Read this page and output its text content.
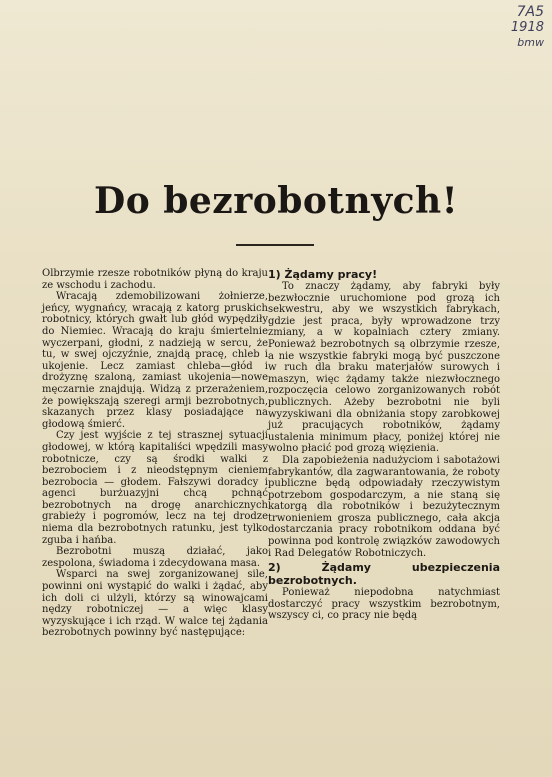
7A5
1918
bmw
Do bezrobotnych!

Olbrzymie rzesze robotników płyną do kraju ze wschodu i zachodu.

Wracają zdemobilizowani żołnierze, jeńcy, wygnańcy, wracają z katorg pruskich robotnicy, których gwałt lub głód wypędziły do Niemiec. Wracają do kraju śmiertelnie wyczerpani, głodni, z nadzieją w sercu, że tu, w swej ojczyźnie, znajdą pracę, chleb i ukojenie. Lecz zamiast chleba—głód i drożyznę szaloną, zamiast ukojenia—nowe męczarnie znajdują. Widzą z przerażeniem, że powiększają szeregi armji bezrobotnych, skazanych przez klasy posiadające na głodową śmierć.

Czy jest wyjście z tej strasznej sytuacji głodowej, w którą kapitaliści wpędzili masy robotnicze, czy są środki walki z bezrobociem i z nieodstępnym cieniem bezrobocia — głodem. Fałszywi doradcy i agenci burżuazyjni chcą pchnąć bezrobotnych na drogę anarchicznych grabieży i pogromów, lecz na tej drodze niema dla bezrobotnych ratunku, jest tylko zguba i hańba.

Bezrobotni muszą działać, jako zespolona, świadoma i zdecydowana masa.

Wsparci na swej zorganizowanej sile, powinni oni wystąpić do walki i żądać, aby ich doli ci ulżyli, którzy są winowajcami nędzy robotniczej — a więc klasy wyzyskujące i ich rząd. W walce tej żądania bezrobotnych powinny być następujące:

1) Żądamy pracy!

To znaczy żądamy, aby fabryki były bezwłocznie uruchomione pod grozą ich sekwestru, aby we wszystkich fabrykach, gdzie jest praca, były wprowadzone trzy zmiany, a w kopalniach cztery zmiany. Ponieważ bezrobotnych są olbrzymie rzesze, a nie wszystkie fabryki mogą być puszczone w ruch dla braku materjałów surowych i maszyn, więc żądamy także niezwłocznego rozpoczęcia celowo zorganizowanych robót publicznych. Ażeby bezrobotni nie byli wyzyskiwani dla obniżania stopy zarobkowej już pracujących robotników, żądamy ustalenia minimum płacy, poniżej której nie wolno płacić pod grozą więzienia.

Dla zapobieżenia nadużyciom i sabotażowi fabrykantów, dla zagwarantowania, że roboty publiczne będą odpowiadały rzeczywistym potrzebom gospodarczym, a nie staną się katorgą dla robotników i bezużytecznym trwonieniem grosza publicznego, cała akcja dostarczania pracy robotnikom oddana być powinna pod kontrolę związków zawodowych i Rad Delegatów Robotniczych.

2) Żądamy ubezpieczenia bezrobotnych.

Ponieważ niepodobna natychmiast dostarczyć pracy wszystkim bezrobotnym, wszyscy ci, co pracy nie będą
